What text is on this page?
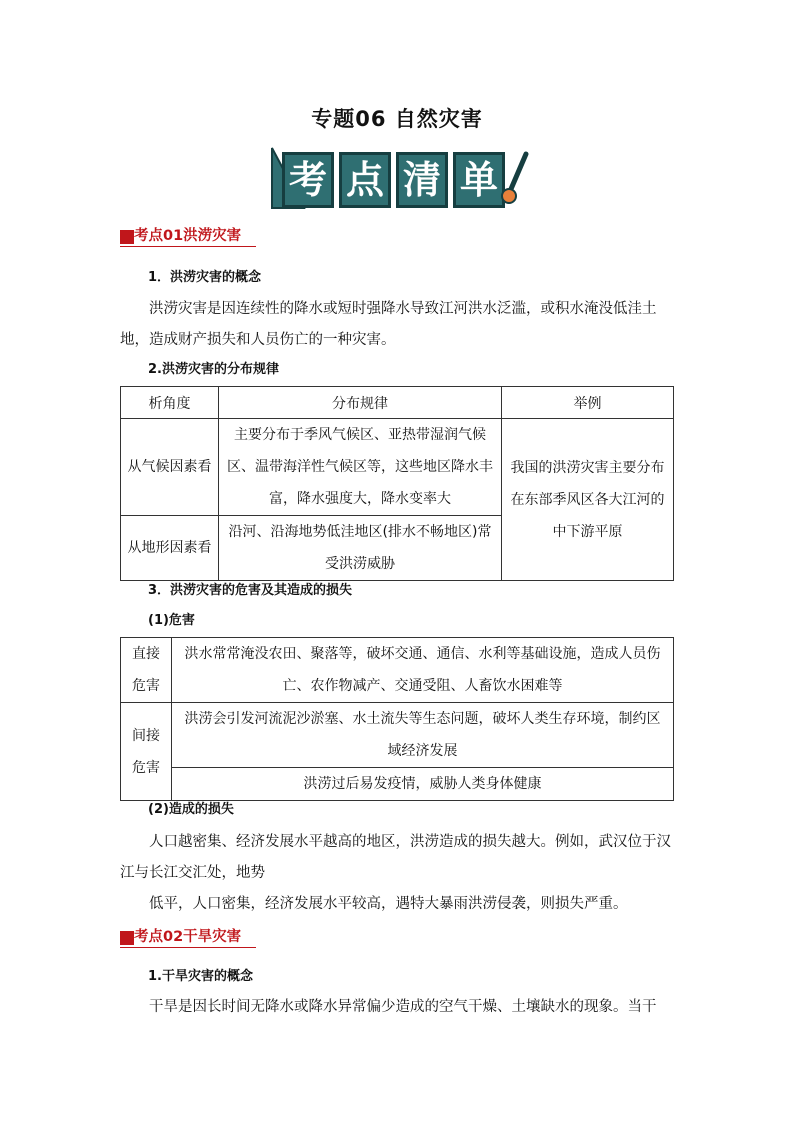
专题06 自然灾害
考 点 清 单
考点01洪涝灾害
1．洪涝灾害的概念
洪涝灾害是因连续性的降水或短时强降水导致江河洪水泛滥，或积水淹没低洼土地，造成财产损失和人员伤亡的一种灾害。
2.洪涝灾害的分布规律
析角度	分布规律	举例
从气候因素看	主要分布于季风气候区、亚热带湿润气候区、温带海洋性气候区等，这些地区降水丰富，降水强度大，降水变率大	我国的洪涝灾害主要分布在东部季风区各大江河的中下游平原
从地形因素看	沿河、沿海地势低洼地区(排水不畅地区)常受洪涝威胁	
3．洪涝灾害的危害及其造成的损失
(1)危害
直接危害	洪水常常淹没农田、聚落等，破坏交通、通信、水利等基础设施，造成人员伤亡、农作物减产、交通受阻、人畜饮水困难等
间接危害	洪涝会引发河流泥沙淤塞、水土流失等生态问题，破坏人类生存环境，制约区域经济发展
	洪涝过后易发疫情，威胁人类身体健康
(2)造成的损失
人口越密集、经济发展水平越高的地区，洪涝造成的损失越大。例如，武汉位于汉江与长江交汇处，地势
低平，人口密集，经济发展水平较高，遇特大暴雨洪涝侵袭，则损失严重。
考点02干旱灾害
1.干旱灾害的概念
干旱是因长时间无降水或降水异常偏少造成的空气干燥、土壤缺水的现象。当干
